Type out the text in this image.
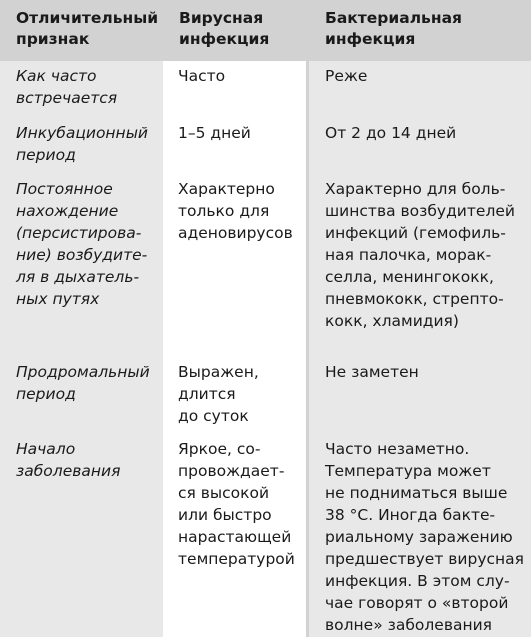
Отличительный
признак
Вирусная
инфекция
Бактериальная
инфекция
Как часто
встречается
Часто	Реже
Инкубационный
период
1–5 дней	От 2 до 14 дней
Постоянное
нахождение
(персистирова-
ние) возбудите-
ля в дыхатель-
ных путях
Характерно
только для
аденовирусов
Характерно для боль-
шинства возбудителей
инфекций (гемофиль-
ная палочка, морак-
селла, менингококк,
пневмококк, стрепто-
кокк, хламидия)
Продромальный
период
Выражен,
длится
до суток
Не заметен
Начало
заболевания
Яркое, со-
провождает-
ся высокой
или быстро
нарастающей
температурой
Часто незаметно.
Температура может
не подниматься выше
38 °С. Иногда бакте-
риальному заражению
предшествует вирусная
инфекция. В этом слу-
чае говорят о «второй
волне» заболевания
